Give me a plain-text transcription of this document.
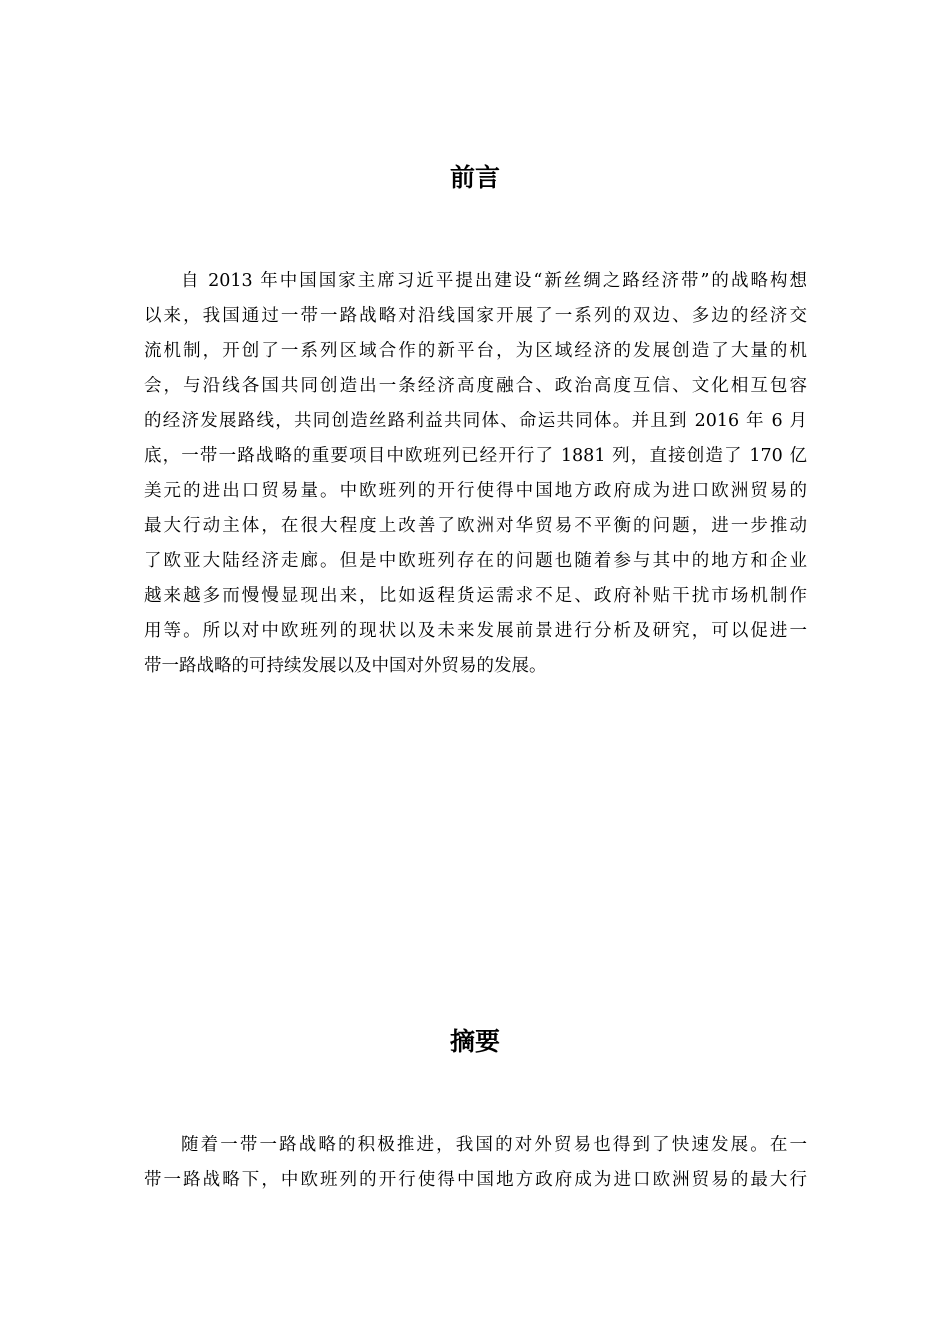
前言
自 2013 年中国国家主席习近平提出建设“新丝绸之路经济带”的战略构想
以来，我国通过一带一路战略对沿线国家开展了一系列的双边、多边的经济交
流机制，开创了一系列区域合作的新平台，为区域经济的发展创造了大量的机
会，与沿线各国共同创造出一条经济高度融合、政治高度互信、文化相互包容
的经济发展路线，共同创造丝路利益共同体、命运共同体。并且到 2016 年 6 月
底，一带一路战略的重要项目中欧班列已经开行了 1881 列，直接创造了 170 亿
美元的进出口贸易量。中欧班列的开行使得中国地方政府成为进口欧洲贸易的
最大行动主体，在很大程度上改善了欧洲对华贸易不平衡的问题，进一步推动
了欧亚大陆经济走廊。但是中欧班列存在的问题也随着参与其中的地方和企业
越来越多而慢慢显现出来，比如返程货运需求不足、政府补贴干扰市场机制作
用等。所以对中欧班列的现状以及未来发展前景进行分析及研究，可以促进一
带一路战略的可持续发展以及中国对外贸易的发展。
摘要
随着一带一路战略的积极推进，我国的对外贸易也得到了快速发展。在一
带一路战略下，中欧班列的开行使得中国地方政府成为进口欧洲贸易的最大行
